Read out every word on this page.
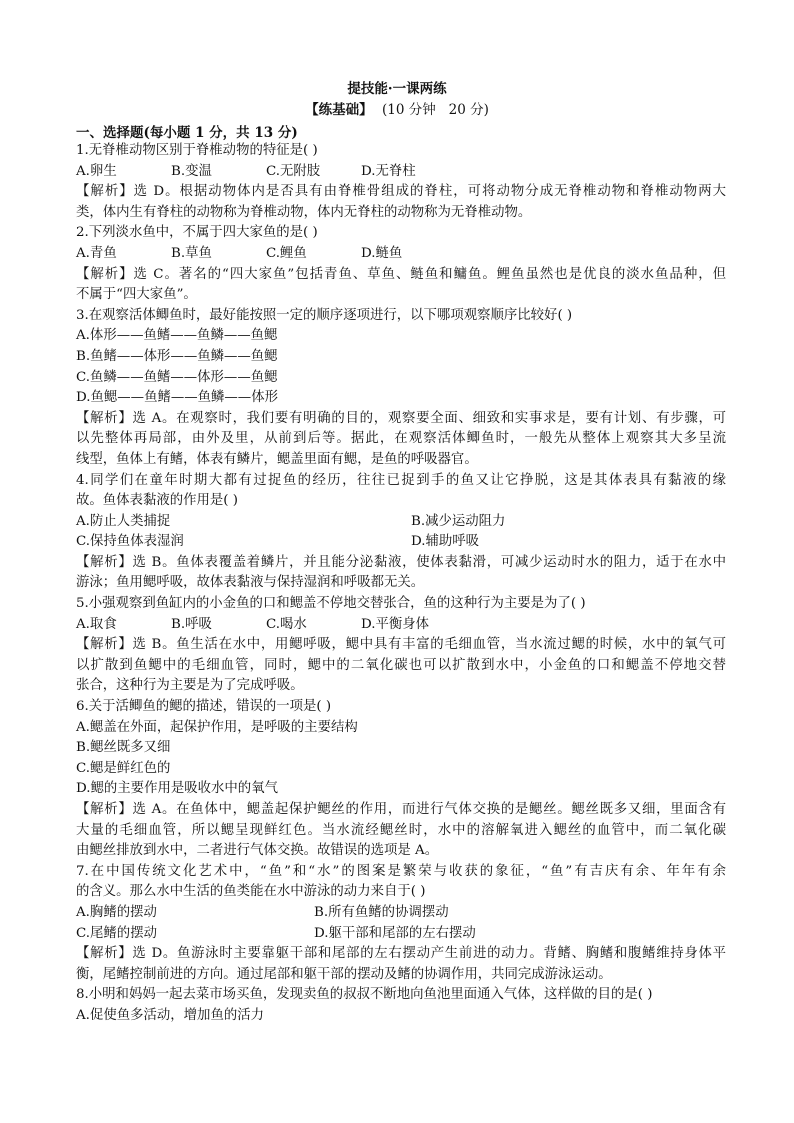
提技能·一课两练
【练基础】 (10 分钟   20 分)
一、选择题(每小题 1 分，共 13 分)
1.无脊椎动物区别于脊椎动物的特征是( )
A.卵生	B.变温	C.无附肢	D.无脊柱
【解析】选 D。根据动物体内是否具有由脊椎骨组成的脊柱，可将动物分成无脊椎动物和脊椎动物两大
类，体内生有脊柱的动物称为脊椎动物，体内无脊柱的动物称为无脊椎动物。
2.下列淡水鱼中，不属于四大家鱼的是( )
A.青鱼	B.草鱼	C.鲤鱼	D.鲢鱼
【解析】选 C。著名的“四大家鱼”包括青鱼、草鱼、鲢鱼和鳙鱼。鲤鱼虽然也是优良的淡水鱼品种，但
不属于“四大家鱼”。
3.在观察活体鲫鱼时，最好能按照一定的顺序逐项进行，以下哪项观察顺序比较好( )
A.体形——鱼鳍——鱼鳞——鱼鳃
B.鱼鳍——体形——鱼鳞——鱼鳃
C.鱼鳞——鱼鳍——体形——鱼鳃
D.鱼鳃——鱼鳍——鱼鳞——体形
【解析】选 A。在观察时，我们要有明确的目的，观察要全面、细致和实事求是，要有计划、有步骤，可
以先整体再局部，由外及里，从前到后等。据此，在观察活体鲫鱼时，一般先从整体上观察其大多呈流
线型，鱼体上有鳍，体表有鳞片，鳃盖里面有鳃，是鱼的呼吸器官。
4.同学们在童年时期大都有过捉鱼的经历，往往已捉到手的鱼又让它挣脱，这是其体表具有黏液的缘
故。鱼体表黏液的作用是( )
A.防止人类捕捉	B.减少运动阻力
C.保持鱼体表湿润	D.辅助呼吸
【解析】选 B。鱼体表覆盖着鳞片，并且能分泌黏液，使体表黏滑，可减少运动时水的阻力，适于在水中
游泳；鱼用鳃呼吸，故体表黏液与保持湿润和呼吸都无关。
5.小强观察到鱼缸内的小金鱼的口和鳃盖不停地交替张合，鱼的这种行为主要是为了( )
A.取食	B.呼吸	C.喝水	D.平衡身体
【解析】选 B。鱼生活在水中，用鳃呼吸，鳃中具有丰富的毛细血管，当水流过鳃的时候，水中的氧气可
以扩散到鱼鳃中的毛细血管，同时，鳃中的二氧化碳也可以扩散到水中，小金鱼的口和鳃盖不停地交替
张合，这种行为主要是为了完成呼吸。
6.关于活鲫鱼的鳃的描述，错误的一项是( )
A.鳃盖在外面，起保护作用，是呼吸的主要结构
B.鳃丝既多又细
C.鳃是鲜红色的
D.鳃的主要作用是吸收水中的氧气
【解析】选 A。在鱼体中，鳃盖起保护鳃丝的作用，而进行气体交换的是鳃丝。鳃丝既多又细，里面含有
大量的毛细血管，所以鳃呈现鲜红色。当水流经鳃丝时，水中的溶解氧进入鳃丝的血管中，而二氧化碳
由鳃丝排放到水中，二者进行气体交换。故错误的选项是 A。
7.在中国传统文化艺术中，“鱼”和“水”的图案是繁荣与收获的象征，“鱼”有吉庆有余、年年有余
的含义。那么水中生活的鱼类能在水中游泳的动力来自于( )
A.胸鳍的摆动	B.所有鱼鳍的协调摆动
C.尾鳍的摆动	D.躯干部和尾部的左右摆动
【解析】选 D。鱼游泳时主要靠躯干部和尾部的左右摆动产生前进的动力。背鳍、胸鳍和腹鳍维持身体平
衡，尾鳍控制前进的方向。通过尾部和躯干部的摆动及鳍的协调作用，共同完成游泳运动。
8.小明和妈妈一起去菜市场买鱼，发现卖鱼的叔叔不断地向鱼池里面通入气体，这样做的目的是( )
A.促使鱼多活动，增加鱼的活力
